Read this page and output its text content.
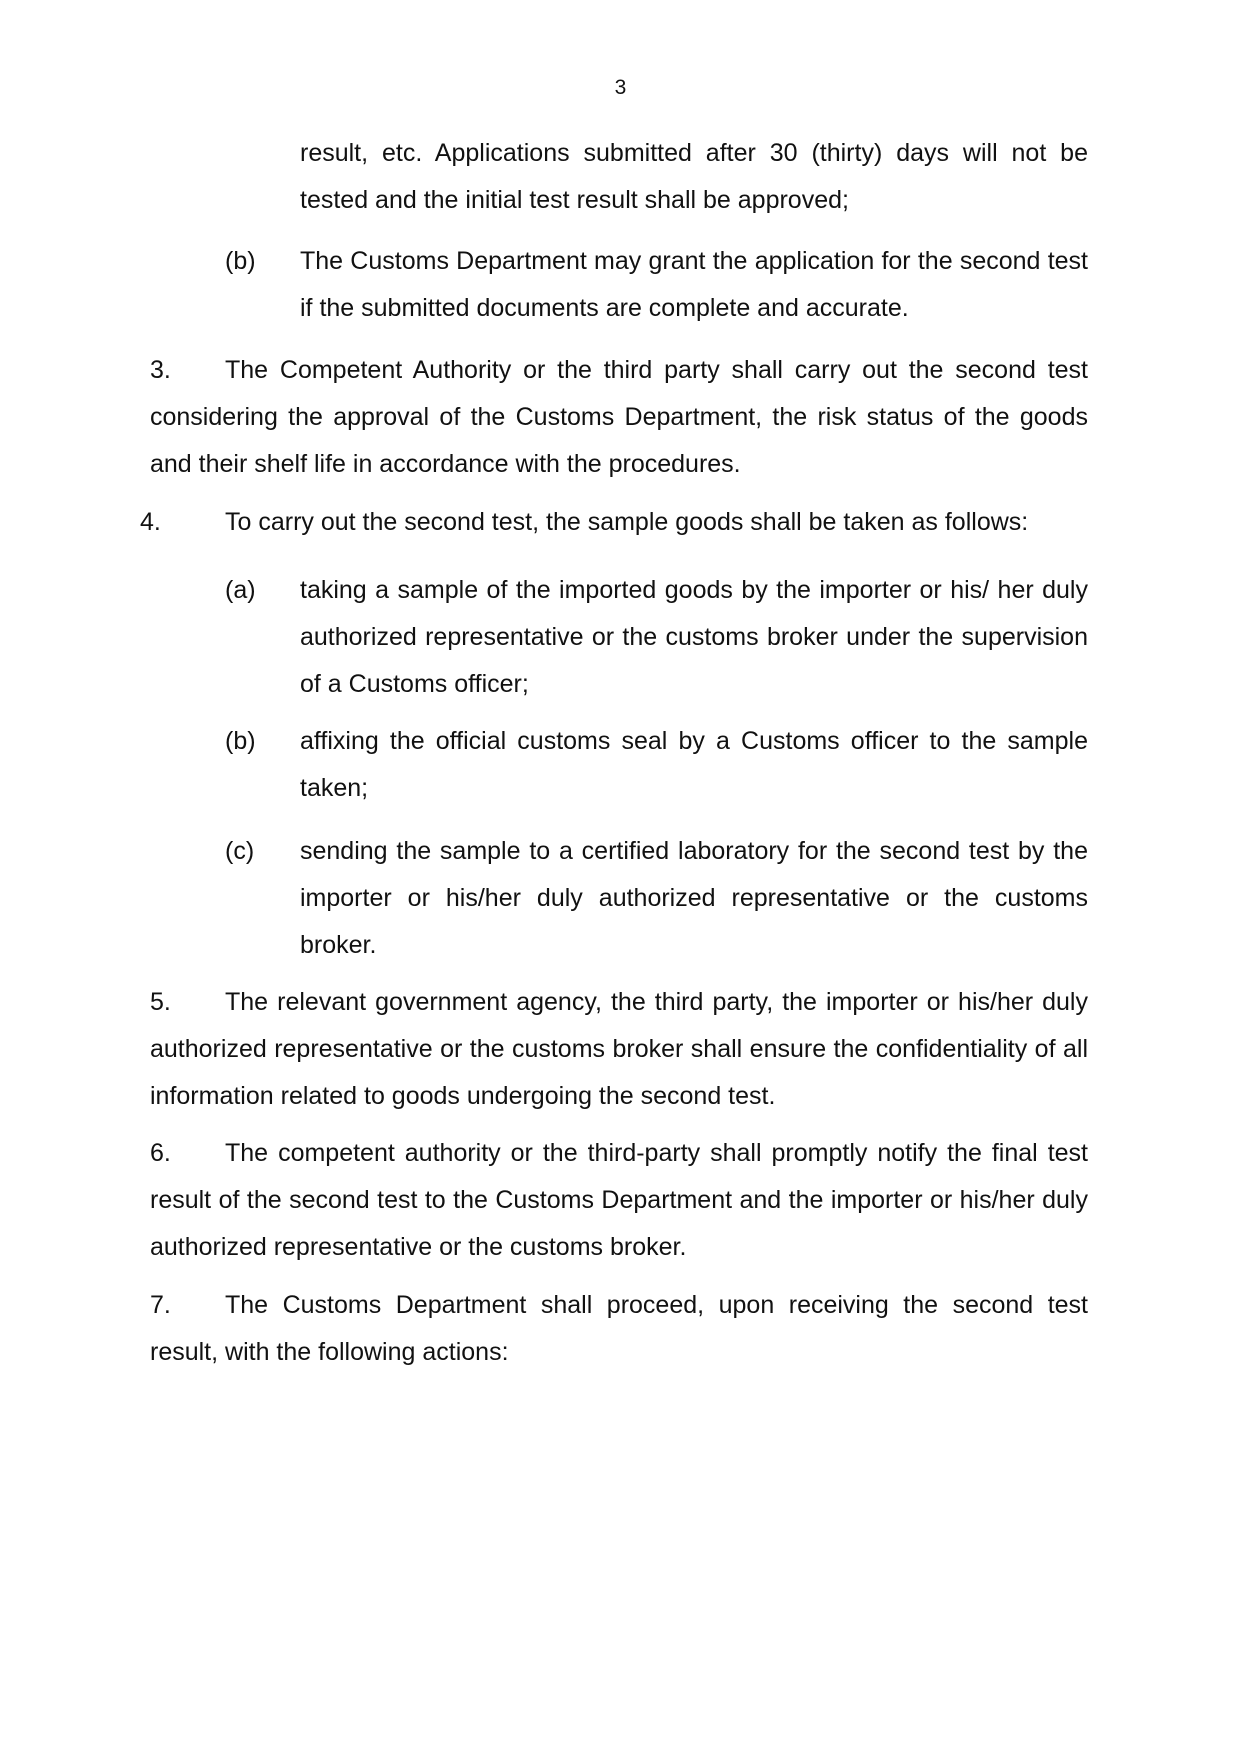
3

result, etc. Applications submitted after 30 (thirty) days will not be tested and the initial test result shall be approved;

(b) The Customs Department may grant the application for the second test if the submitted documents are complete and accurate.

3. The Competent Authority or the third party shall carry out the second test considering the approval of the Customs Department, the risk status of the goods and their shelf life in accordance with the procedures.

4.	To carry out the second test, the sample goods shall be taken as follows:

(a) taking a sample of the imported goods by the importer or his/ her duly authorized representative or the customs broker under the supervision of a Customs officer;

(b) affixing the official customs seal by a Customs officer to the sample taken;

(c) sending the sample to a certified laboratory for the second test by the importer or his/her duly authorized representative or the customs broker.

5. The relevant government agency, the third party, the importer or his/her duly authorized representative or the customs broker shall ensure the confidentiality of all information related to goods undergoing the second test.

6. The competent authority or the third-party shall promptly notify the final test result of the second test to the Customs Department and the importer or his/her duly authorized representative or the customs broker.

7. The Customs Department shall proceed, upon receiving the second test result, with the following actions:
